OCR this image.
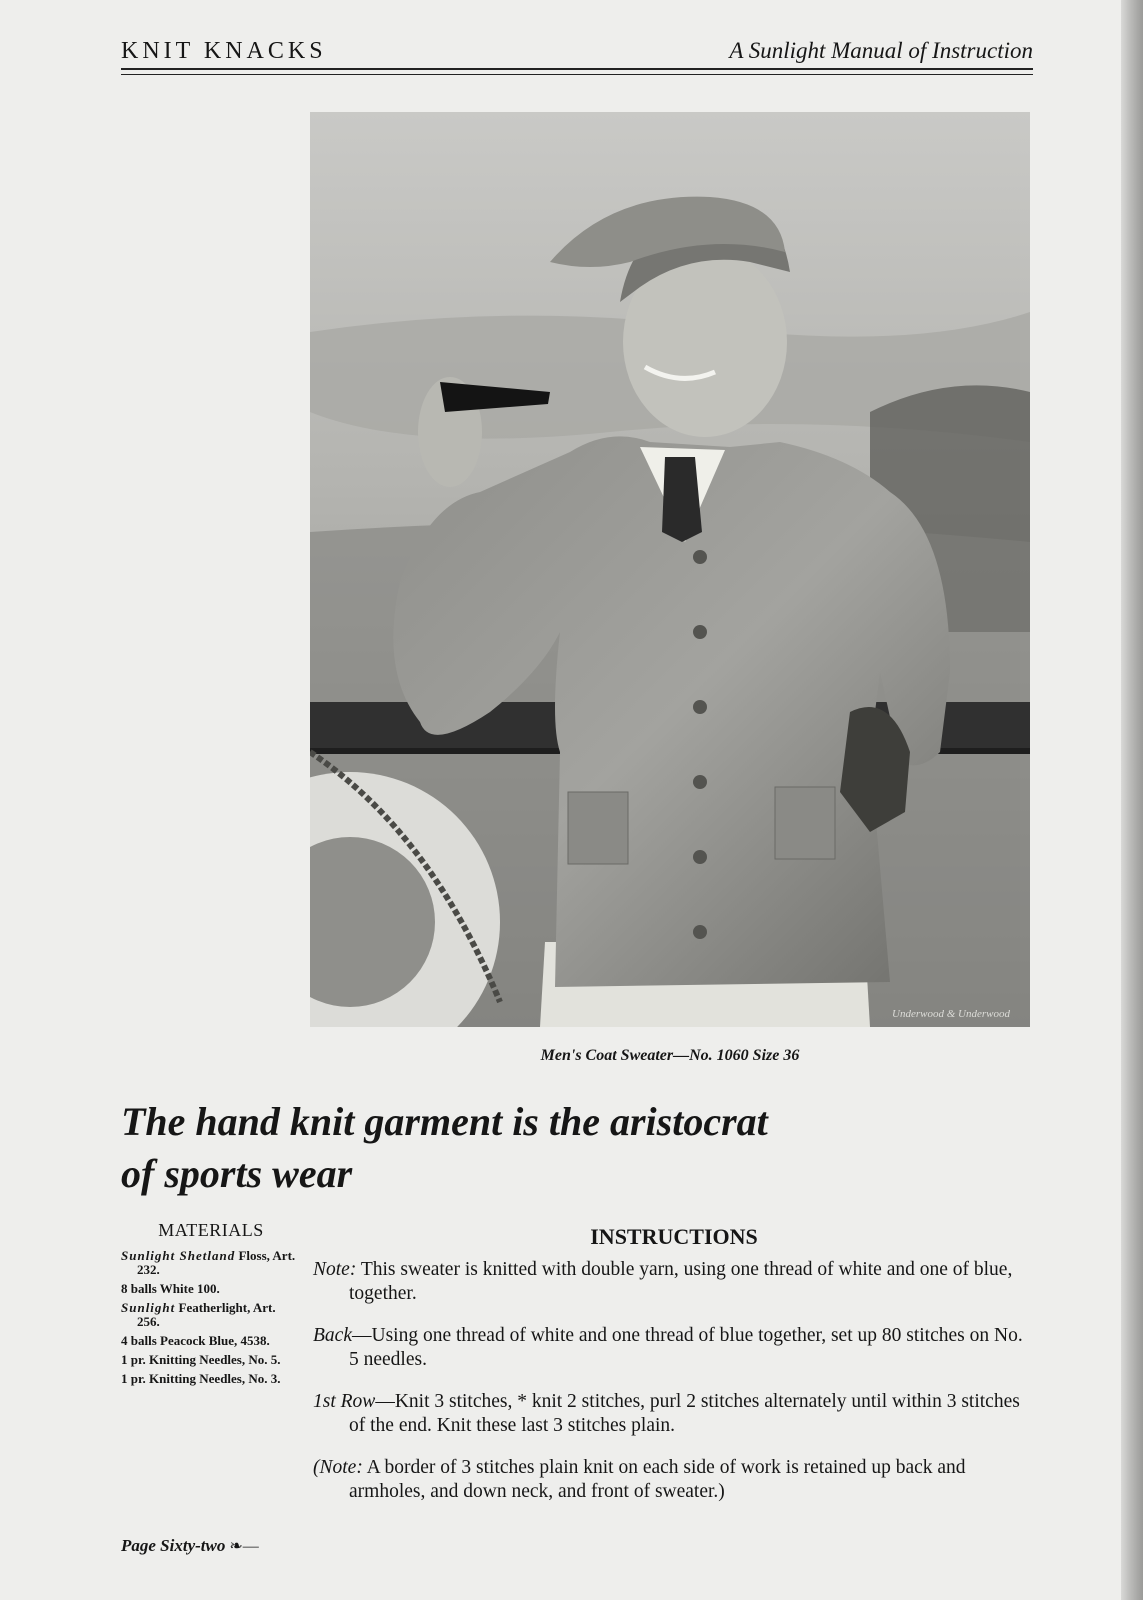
KNIT KNACKS	A Sunlight Manual of Instruction
Underwood & Underwood
Men's Coat Sweater—No. 1060 Size 36
The hand knit garment is the aristocrat
of sports wear
MATERIALS
Sunlight Shetland Floss, Art. 232.
8 balls White 100.
Sunlight Featherlight, Art. 256.
4 balls Peacock Blue, 4538.
1 pr. Knitting Needles, No. 5.
1 pr. Knitting Needles, No. 3.
INSTRUCTIONS
Note: This sweater is knitted with double yarn, using one thread of white and one of blue, together.
Back—Using one thread of white and one thread of blue together, set up 80 stitches on No. 5 needles.
1st Row—Knit 3 stitches, * knit 2 stitches, purl 2 stitches alternately until within 3 stitches of the end. Knit these last 3 stitches plain.
(Note: A border of 3 stitches plain knit on each side of work is retained up back and armholes, and down neck, and front of sweater.)
Page Sixty-two ❧—
